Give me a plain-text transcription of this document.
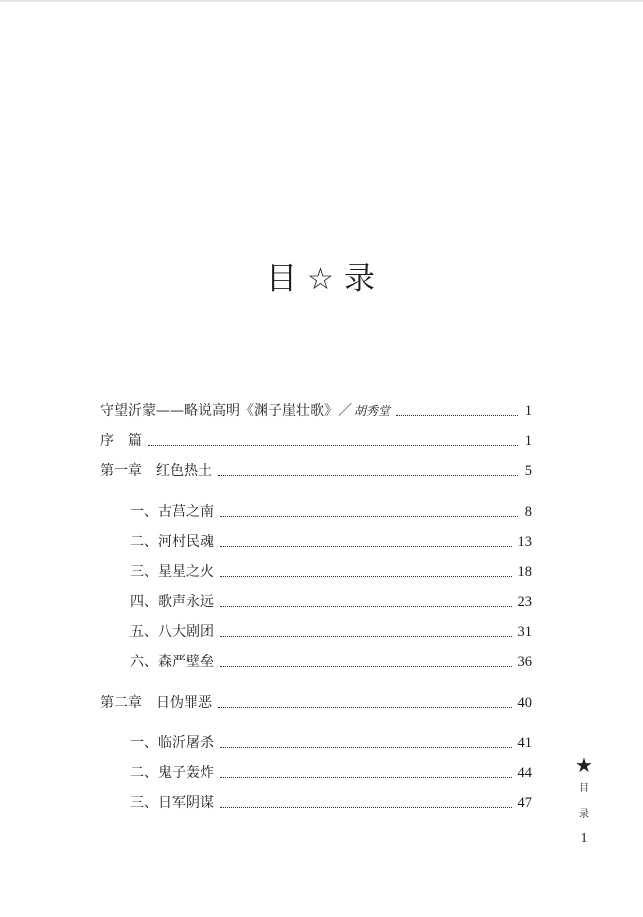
目 ☆ 录
守望沂蒙——略说高明《渊子崖壮歌》／ 胡秀堂	1
序　篇	1
第一章 红色热土	5
一、古莒之南	8
二、河村民魂	13
三、星星之火	18
四、歌声永远	23
五、八大剧团	31
六、森严壁垒	36
第二章 日伪罪恶	40
一、临沂屠杀	41
二、鬼子轰炸	44
三、日军阴谋	47
★
目
录
1
